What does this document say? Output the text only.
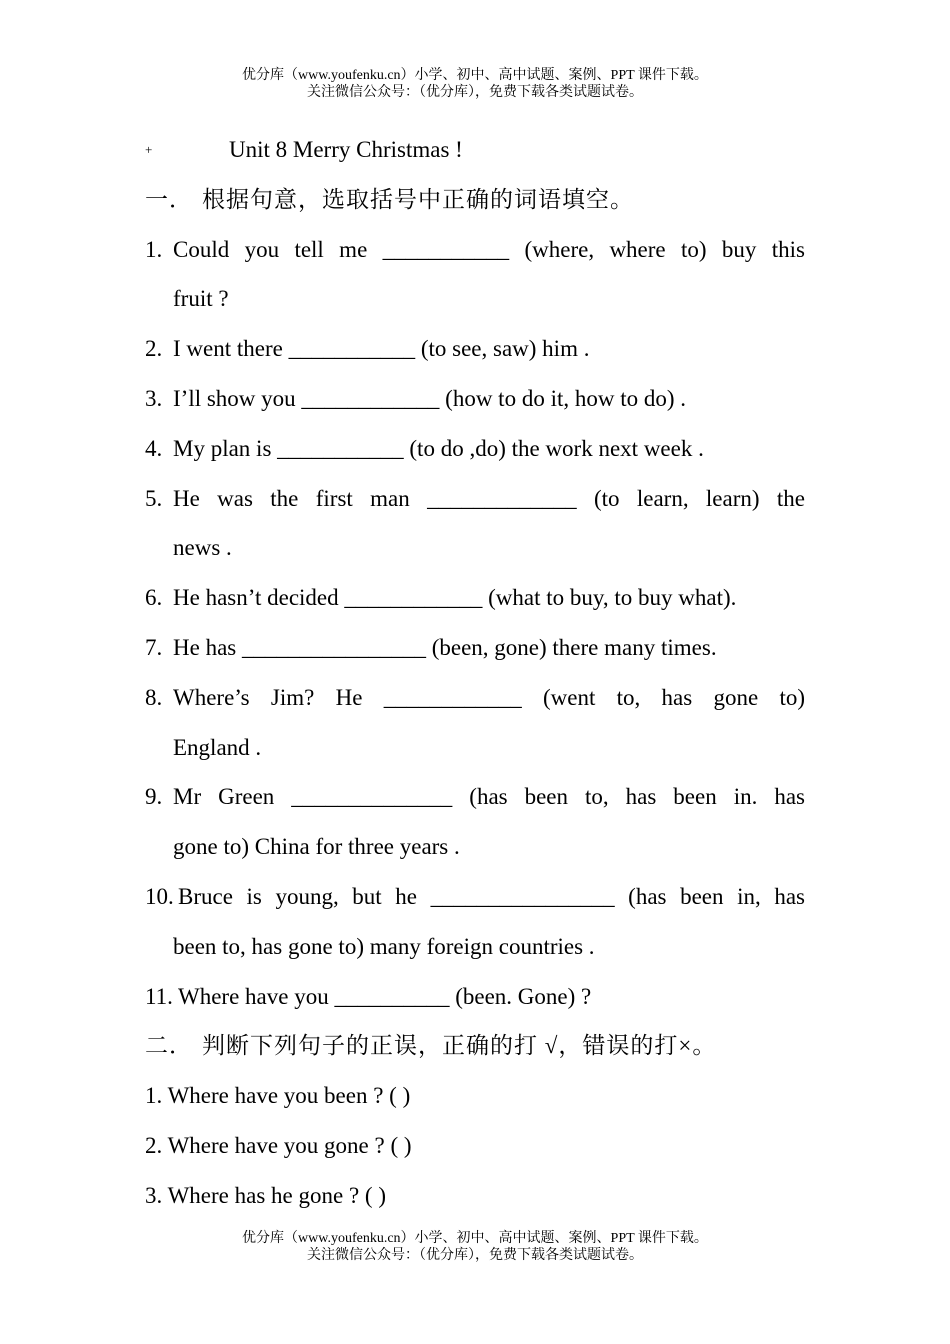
优分库（www.youfenku.cn）小学、初中、高中试题、案例、PPT 课件下载。
关注微信公众号：（优分库），免费下载各类试题试卷。
+	Unit 8 Merry Christmas !
一． 根据句意，选取括号中正确的词语填空。
1. Could you tell me ___________ (where, where to) buy this
fruit ?
2. I went there ___________ (to see, saw) him .
3. I’ll show you ____________ (how to do it, how to do) .
4. My plan is ___________ (to do ,do) the work next week .
5. He was the first man _____________ (to learn, learn) the
news .
6. He hasn’t decided ____________ (what to buy, to buy what).
7. He has ________________ (been, gone) there many times.
8. Where’s Jim? He ____________ (went to, has gone to)
England .
9. Mr Green ______________ (has been to, has been in. has
gone to) China for three years .
10. Bruce is young, but he ________________ (has been in, has
been to, has gone to) many foreign countries .
11. Where have you __________ (been. Gone) ?
二． 判断下列句子的正误，正确的打 √，错误的打×。
1. Where have you been ? ( )
2. Where have you gone ? ( )
3. Where has he gone ? ( )
优分库（www.youfenku.cn）小学、初中、高中试题、案例、PPT 课件下载。
关注微信公众号：（优分库），免费下载各类试题试卷。
